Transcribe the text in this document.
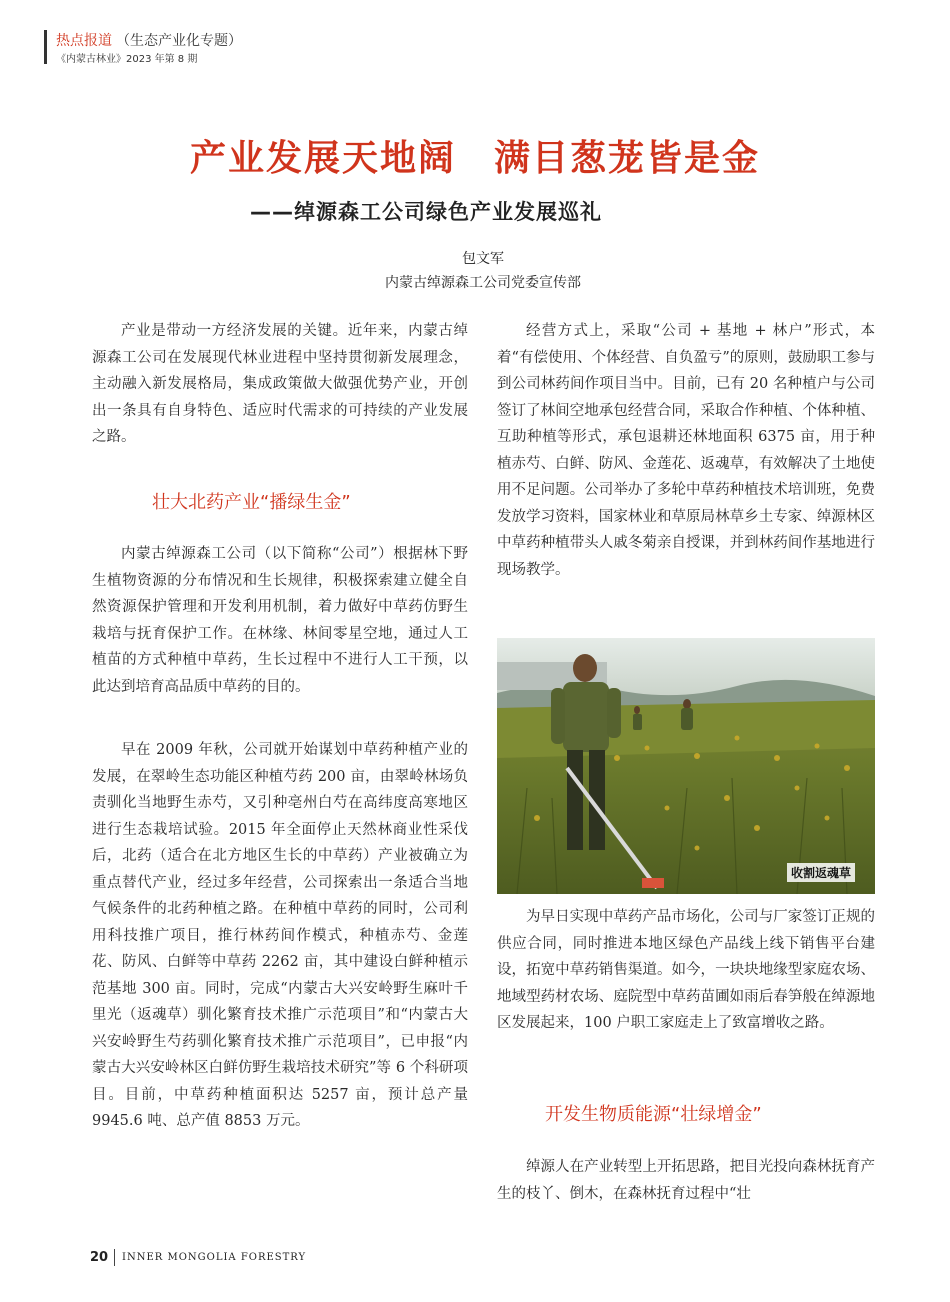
热点报道 （生态产业化专题）
《内蒙古林业》2023 年第 8 期
产业发展天地阔　满目葱茏皆是金
——绰源森工公司绿色产业发展巡礼
包文军
内蒙古绰源森工公司党委宣传部

产业是带动一方经济发展的关键。近年来，内蒙古绰源森工公司在发展现代林业进程中坚持贯彻新发展理念，主动融入新发展格局，集成政策做大做强优势产业，开创出一条具有自身特色、适应时代需求的可持续的产业发展之路。

壮大北药产业“播绿生金”

内蒙古绰源森工公司（以下简称“公司”）根据林下野生植物资源的分布情况和生长规律，积极探索建立健全自然资源保护管理和开发利用机制，着力做好中草药仿野生栽培与抚育保护工作。在林缘、林间零星空地，通过人工植苗的方式种植中草药，生长过程中不进行人工干预，以此达到培育高品质中草药的目的。

早在 2009 年秋，公司就开始谋划中草药种植产业的发展，在翠岭生态功能区种植芍药 200 亩，由翠岭林场负责驯化当地野生赤芍，又引种亳州白芍在高纬度高寒地区进行生态栽培试验。2015 年全面停止天然林商业性采伐后，北药（适合在北方地区生长的中草药）产业被确立为重点替代产业，经过多年经营，公司探索出一条适合当地气候条件的北药种植之路。在种植中草药的同时，公司利用科技推广项目，推行林药间作模式，种植赤芍、金莲花、防风、白鲜等中草药 2262 亩，其中建设白鲜种植示范基地 300 亩。同时，完成“内蒙古大兴安岭野生麻叶千里光（返魂草）驯化繁育技术推广示范项目”和“内蒙古大兴安岭野生芍药驯化繁育技术推广示范项目”，已申报“内蒙古大兴安岭林区白鲜仿野生栽培技术研究”等 6 个科研项目。目前，中草药种植面积达 5257 亩，预计总产量 9945.6 吨、总产值 8853 万元。

经营方式上，采取“公司 + 基地 + 林户”形式，本着“有偿使用、个体经营、自负盈亏”的原则，鼓励职工参与到公司林药间作项目当中。目前，已有 20 名种植户与公司签订了林间空地承包经营合同，采取合作种植、个体种植、互助种植等形式，承包退耕还林地面积 6375 亩，用于种植赤芍、白鲜、防风、金莲花、返魂草，有效解决了土地使用不足问题。公司举办了多轮中草药种植技术培训班，免费发放学习资料，国家林业和草原局林草乡土专家、绰源林区中草药种植带头人戚冬菊亲自授课，并到林药间作基地进行现场教学。

收割返魂草

为早日实现中草药产品市场化，公司与厂家签订正规的供应合同，同时推进本地区绿色产品线上线下销售平台建设，拓宽中草药销售渠道。如今，一块块地缘型家庭农场、地域型药材农场、庭院型中草药苗圃如雨后春笋般在绰源地区发展起来，100 户职工家庭走上了致富增收之路。

开发生物质能源“壮绿增金”

绰源人在产业转型上开拓思路，把目光投向森林抚育产生的枝丫、倒木，在森林抚育过程中“壮

20 INNER MONGOLIA FORESTRY
